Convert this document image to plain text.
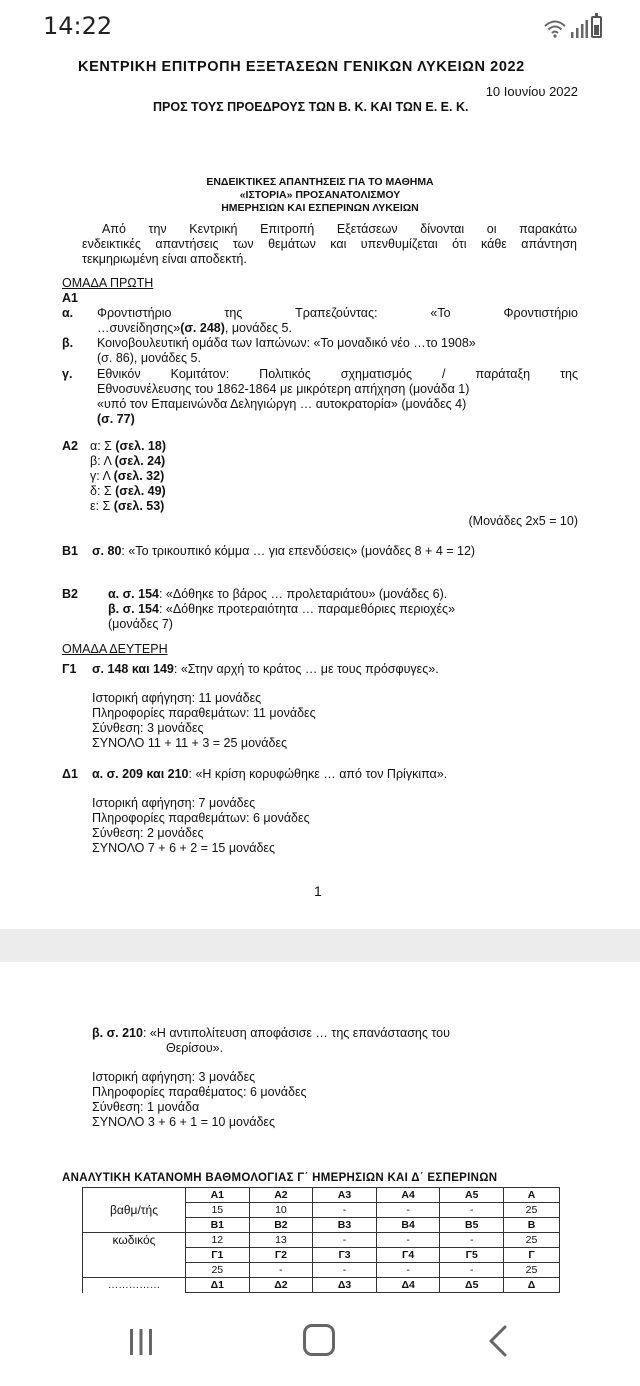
14:22
ΚΕΝΤΡΙΚΗ ΕΠΙΤΡΟΠΗ ΕΞΕΤΑΣΕΩΝ ΓΕΝΙΚΩΝ ΛΥΚΕΙΩΝ 2022
10 Ιουνίου 2022
ΠΡΟΣ ΤΟΥΣ ΠΡΟΕΔΡΟΥΣ ΤΩΝ Β. Κ. ΚΑΙ ΤΩΝ Ε. Ε. Κ.
ΕΝΔΕΙΚΤΙΚΕΣ ΑΠΑΝΤΗΣΕΙΣ ΓΙΑ ΤΟ ΜΑΘΗΜΑ
«ΙΣΤΟΡΙΑ» ΠΡΟΣΑΝΑΤΟΛΙΣΜΟΥ
ΗΜΕΡΗΣΙΩΝ ΚΑΙ ΕΣΠΕΡΙΝΩΝ ΛΥΚΕΙΩΝ
Από την Κεντρική Επιτροπή Εξετάσεων δίνονται οι παρακάτω
ενδεικτικές απαντήσεις των θεμάτων και υπενθυμίζεται ότι κάθε απάντηση
τεκμηριωμένη είναι αποδεκτή.
ΟΜΑΔΑ ΠΡΩΤΗ
Α1
α. Φροντιστήριο της Τραπεζούντας: «Το Φροντιστήριο
…συνείδησης»(σ. 248), μονάδες 5.
β. Κοινοβουλευτική ομάδα των Ιαπώνων: «Το μοναδικό νέο …το 1908»
(σ. 86), μονάδες 5.
γ. Εθνικόν Κομιτάτον: Πολιτικός σχηματισμός / παράταξη της
Εθνοσυνέλευσης του 1862-1864 με μικρότερη απήχηση (μονάδα 1)
«υπό τον Επαμεινώνδα Δεληγιώργη … αυτοκρατορία» (μονάδες 4)
(σ. 77)
Α2 α: Σ (σελ. 18)
β: Λ (σελ. 24)
γ: Λ (σελ. 32)
δ: Σ (σελ. 49)
ε: Σ (σελ. 53)
(Μονάδες 2x5 = 10)
Β1 σ. 80: «Το τρικουπικό κόμμα … για επενδύσεις» (μονάδες 8 + 4 = 12)
Β2 α. σ. 154: «Δόθηκε το βάρος … προλεταριάτου» (μονάδες 6).
β. σ. 154: «Δόθηκε προτεραιότητα … παραμεθόριες περιοχές»
(μονάδες 7)
ΟΜΑΔΑ ΔΕΥΤΕΡΗ
Γ1 σ. 148 και 149: «Στην αρχή το κράτος … με τους πρόσφυγες».
Ιστορική αφήγηση: 11 μονάδες
Πληροφορίες παραθεμάτων: 11 μονάδες
Σύνθεση: 3 μονάδες
ΣΥΝΟΛΟ 11 + 11 + 3 = 25 μονάδες
Δ1 α. σ. 209 και 210: «Η κρίση κορυφώθηκε … από τον Πρίγκιπα».
Ιστορική αφήγηση: 7 μονάδες
Πληροφορίες παραθεμάτων: 6 μονάδες
Σύνθεση: 2 μονάδες
ΣΥΝΟΛΟ 7 + 6 + 2 = 15 μονάδες
1
β. σ. 210: «Η αντιπολίτευση αποφάσισε … της επανάστασης του
Θερίσου».
Ιστορική αφήγηση: 3 μονάδες
Πληροφορίες παραθέματος: 6 μονάδες
Σύνθεση: 1 μονάδα
ΣΥΝΟΛΟ 3 + 6 + 1 = 10 μονάδες
ΑΝΑΛΥΤΙΚΗ ΚΑΤΑΝΟΜΗ ΒΑΘΜΟΛΟΓΙΑΣ Γ΄ ΗΜΕΡΗΣΙΩΝ ΚΑΙ Δ΄ ΕΣΠΕΡΙΝΩΝ
	Α1	Α2	Α3	Α4	Α5	Α
βαθμ/τής	15	10	-	-	-	25
	Β1	Β2	Β3	Β4	Β5	Β
κωδικός	12	13	-	-	-	25
	Γ1	Γ2	Γ3	Γ4	Γ5	Γ
	25	-	-	-	-	25
……………	Δ1	Δ2	Δ3	Δ4	Δ5	Δ
